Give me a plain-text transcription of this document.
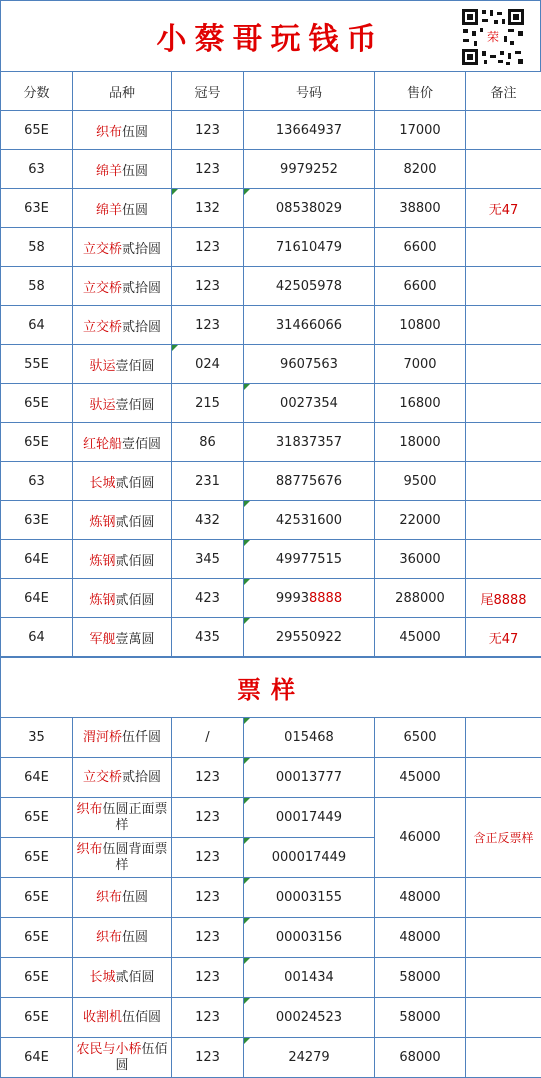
小蔡哥玩钱币	荣
分数	品种	冠号	号码	售价	备注
65E	织布伍圆	123	13664937	17000	
63	绵羊伍圆	123	9979252	8200	
63E	绵羊伍圆	132	08538029	38800	无47
58	立交桥贰拾圆	123	71610479	6600	
58	立交桥贰拾圆	123	42505978	6600	
64	立交桥贰拾圆	123	31466066	10800	
55E	驮运壹佰圆	024	9607563	7000	
65E	驮运壹佰圆	215	0027354	16800	
65E	红轮船壹佰圆	86	31837357	18000	
63	长城贰佰圆	231	88775676	9500	
63E	炼钢贰佰圆	432	42531600	22000	
64E	炼钢贰佰圆	345	49977515	36000	
64E	炼钢贰佰圆	423	99938888	288000	尾8888
64	军舰壹萬圆	435	29550922	45000	无47
票样					
35	渭河桥伍仟圆	/	015468	6500	
64E	立交桥贰拾圆	123	00013777	45000	
65E	织布伍圆正面票样	123	00017449	46000	含正反票样
65E	织布伍圆背面票样	123	000017449		
65E	织布伍圆	123	00003155	48000	
65E	织布伍圆	123	00003156	48000	
65E	长城贰佰圆	123	001434	58000	
65E	收割机伍佰圆	123	00024523	58000	
64E	农民与小桥伍佰圆	123	24279	68000	
